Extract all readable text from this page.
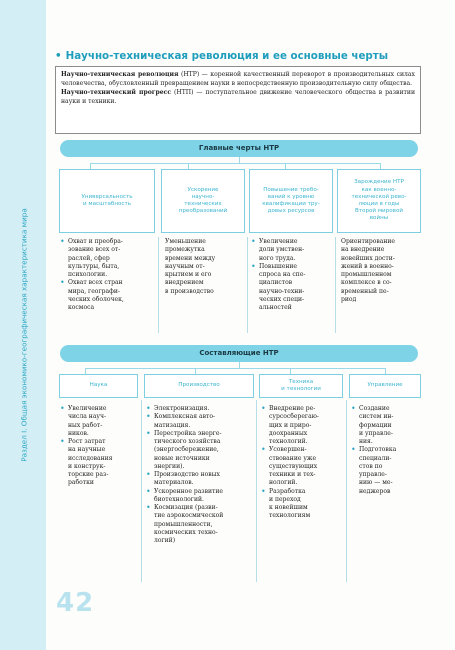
Раздел I. Общая экономико-географическая характеристика мира
• Научно-техническая революция и ее основные черты

Научно-техническая революция (НТР) — коренной качественный переворот в производительных силах человечества, обусловленный превращением науки в непосредственную производительную силу общества.

Научно-технический прогресс (НТП) — поступательное движение человеческого общества в развитии науки и техники.

Главные черты НТР
Универсальность
и масштабность
Ускорение
научно-
технических
преобразований
Повышение требо-
ваний к уровню
квалификации тру-
довых ресурсов
Зарождение НТР
как военно-
технической рево-
люции в годы
Второй мировой
войны
• Охват и преобра-
зование всех от-
раслей, сфер
культуры, быта,
психологии.
• Охват всех стран
мира, географи-
ческих оболочек,
космоса
Уменьшение
промежутка
времени между
научным от-
крытием и его
внедрением
в производство
• Увеличение
доли умствен-
ного труда.
• Повышение
спроса на спе-
циалистов
научно-техни-
ческих специ-
альностей
Ориентирование
на внедрение
новейших дости-
жений в военно-
промышленном
комплексе в со-
временный пе-
риод
Составляющие НТР
Наука	Производство
Техника
и технологии
Управление
• Увеличение
числа науч-
ных работ-
ников.
• Рост затрат
на научные
исследования
и конструк-
торские раз-
работки
• Электронизация.
• Комплексная авто-
матизация.
• Перестройка энерге-
тического хозяйства
(энергосбережение,
новые источники
энергии).
• Производство новых
материалов.
• Ускоренное развитие
биотехнологий.
• Космизация (разви-
тие аэрокосмической
промышленности,
космических техно-
логий)
• Внедрение ре-
сурсосберегаю-
щих и приро-
доохранных
технологий.
• Усовершен-
ствование уже
существующих
техники и тех-
нологий.
• Разработка
и переход
к новейшим
технологиям
• Создание
систем ин-
формации
и управле-
ния.
• Подготовка
специали-
стов по
управле-
нию — ме-
неджеров
42
